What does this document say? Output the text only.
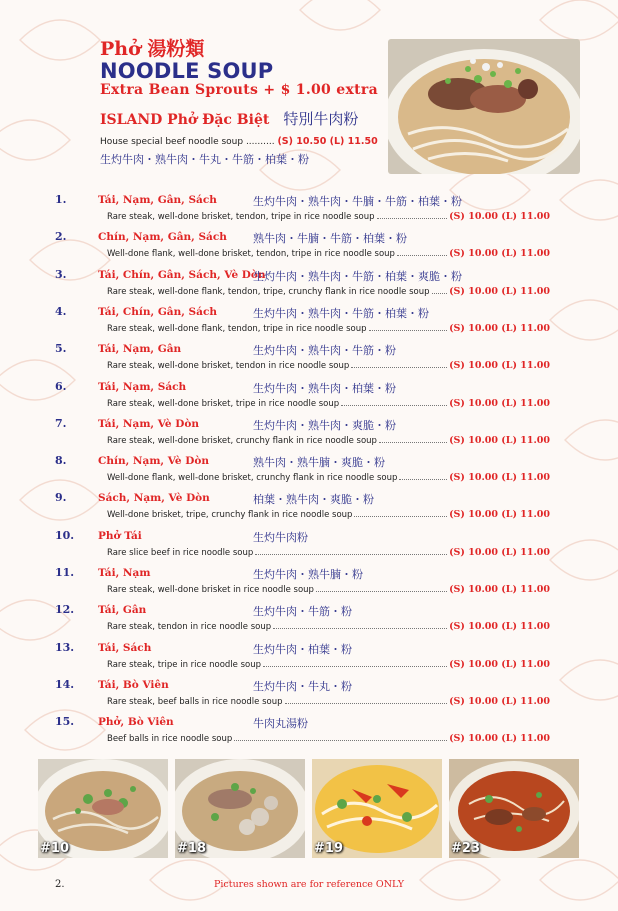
Phở 湯粉類
NOODLE SOUP
Extra Bean Sprouts + $ 1.00 extra
ISLAND Phở Đặc Biệt 特別牛肉粉
House special beef noodle soup .......... (S) 10.50 (L) 11.50
生灼牛肉・熟牛肉・牛丸・牛筋・柏葉・粉
1.	Tái, Nạm, Gân, Sách	生灼牛肉・熟牛肉・牛腩・牛筋・柏葉・粉
Rare steak, well-done brisket, tendon, tripe in rice noodle soup	(S) 10.00 (L) 11.00
2.	Chín, Nạm, Gân, Sách 熟牛肉・牛腩・牛筋・柏葉・粉
Well-done flank, well-done brisket, tendon, tripe in rice noodle soup	(S) 10.00 (L) 11.00
3.	Tái, Chín, Gân, Sách, Vè Dòn
生灼牛肉・熟牛肉・牛筋・柏葉・爽脆・粉
Rare steak, well-done flank, tendon, tripe, crunchy flank in rice noodle soup (S) 10.00 (L) 11.00
4.	Tái, Chín, Gân, Sách	生灼牛肉・熟牛肉・牛筋・柏葉・粉
Rare steak, well-done flank, tendon, tripe in rice noodle soup	(S) 10.00 (L) 11.00
5.	Tái, Nạm, Gân	生灼牛肉・熟牛肉・牛筋・粉
Rare steak, well-done brisket, tendon in rice noodle soup	(S) 10.00 (L) 11.00
6.	Tái, Nạm, Sách	生灼牛肉・熟牛肉・柏葉・粉
Rare steak, well-done brisket, tripe in rice noodle soup	(S) 10.00 (L) 11.00
7.	Tái, Nạm, Vè Dòn	生灼牛肉・熟牛肉・爽脆・粉
Rare steak, well-done brisket, crunchy flank in rice noodle soup	(S) 10.00 (L) 11.00
8.	Chín, Nạm, Vè Dòn	熟牛肉・熟牛腩・爽脆・粉
Well-done flank, well-done brisket, crunchy flank in rice noodle soup	(S) 10.00 (L) 11.00
9.	Sách, Nạm, Vè Dòn	柏葉・熟牛肉・爽脆・粉
Well-done brisket, tripe, crunchy flank in rice noodle soup	(S) 10.00 (L) 11.00
10. Phở Tái	生灼牛肉粉
Rare slice beef in rice noodle soup	(S) 10.00 (L) 11.00
11. Tái, Nạm	生灼牛肉・熟牛腩・粉
Rare steak, well-done brisket in rice noodle soup	(S) 10.00 (L) 11.00
12. Tái, Gân	生灼牛肉・牛筋・粉
Rare steak, tendon in rice noodle soup	(S) 10.00 (L) 11.00
13. Tái, Sách	生灼牛肉・柏葉・粉
Rare steak, tripe in rice noodle soup	(S) 10.00 (L) 11.00
14. Tái, Bò Viên	生灼牛肉・牛丸・粉
Rare steak, beef balls in rice noodle soup	(S) 10.00 (L) 11.00
15. Phở, Bò Viên	牛肉丸湯粉
Beef balls in rice noodle soup	(S) 10.00 (L) 11.00
#10	#18	#19	#23
2.	Pictures shown are for reference ONLY
